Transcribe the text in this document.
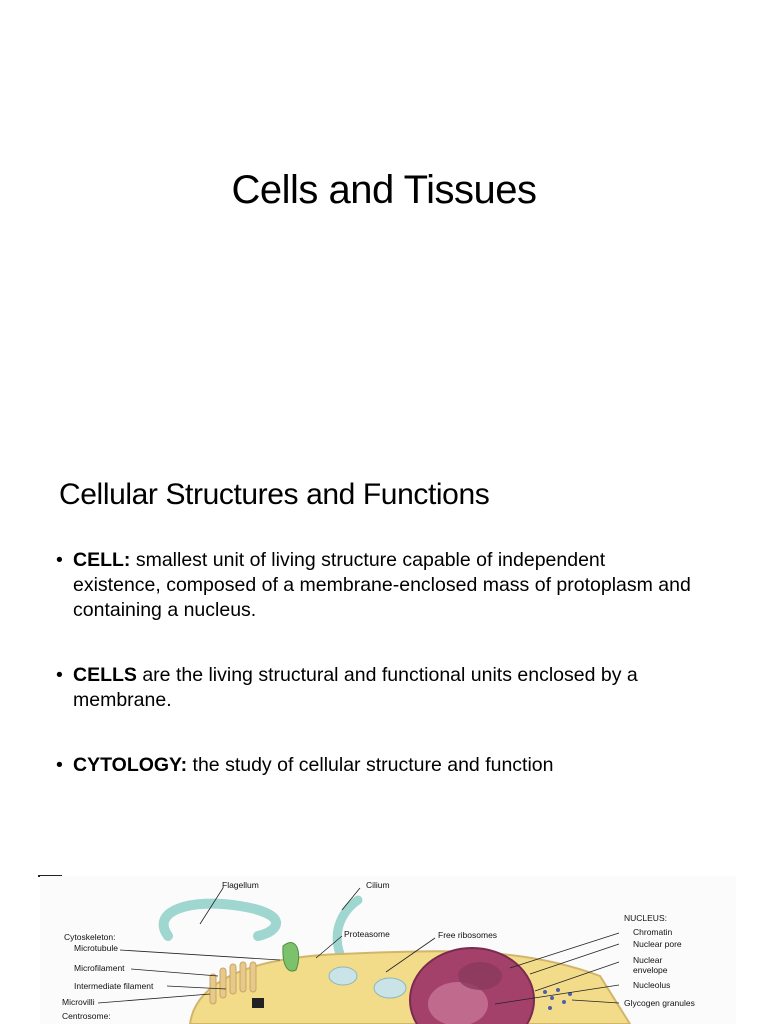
Cells and Tissues
Cellular Structures and Functions
• CELL: smallest unit of living structure capable of independent existence, composed of a membrane-enclosed mass of protoplasm and containing a nucleus.
• CELLS are the living structural and functional units enclosed by a membrane.
• CYTOLOGY: the study of cellular structure and function
Flagellum	Cilium
Cytoskeleton:
Microtubule
Microfilament
Intermediate filament
Microvilli
Centrosome:
Proteasome	Free ribosomes
NUCLEUS:
Chromatin
Nuclear pore
Nuclear
envelope
Nucleolus
Glycogen granules
